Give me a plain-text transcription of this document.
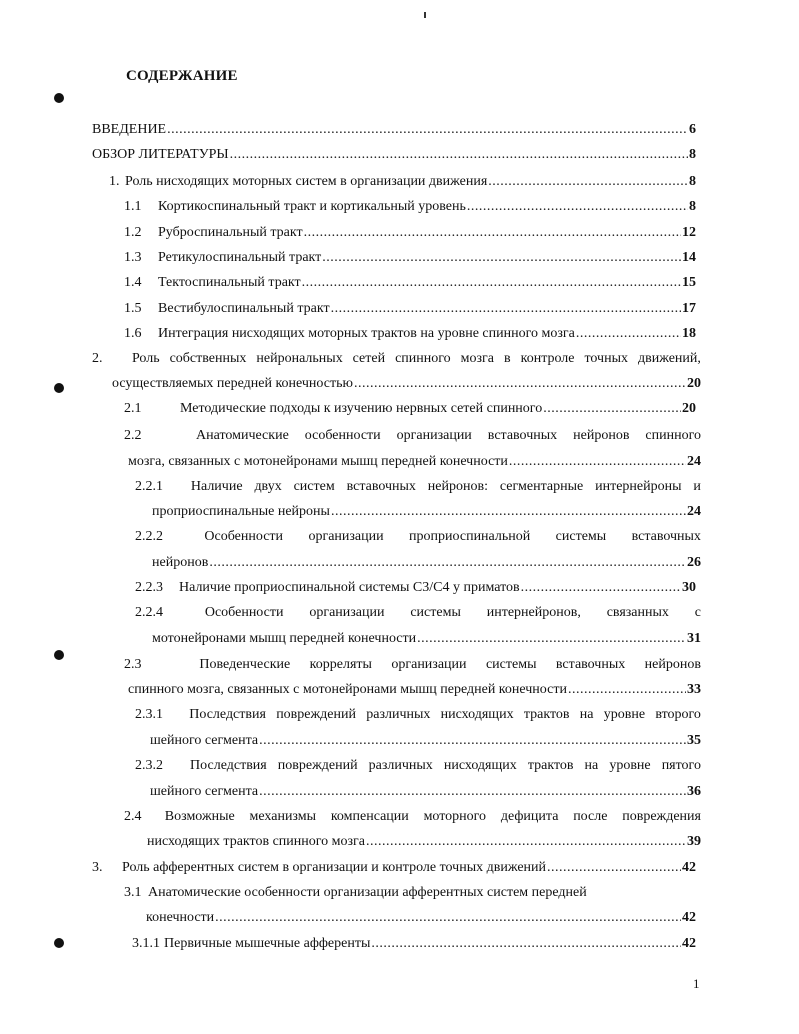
СОДЕРЖАНИЕ
ВВЕДЕНИЕ .....	6
ОБЗОР ЛИТЕРАТУРЫ .....	8
1. Роль нисходящих моторных систем в организации движения .....	8
1.1	Кортикоспинальный тракт и кортикальный уровень .....	8
1.2	Руброспинальный тракт .....	12
1.3	Ретикулоспинальный тракт .....	14
1.4	Тектоспинальный тракт .....	15
1.5	Вестибулоспинальный тракт .....	17
1.6	Интеграция нисходящих моторных трактов на уровне спинного мозга .....	18
2.	Роль собственных нейрональных сетей спинного мозга в контроле точных движений,
осуществляемых передней конечностью .....	20
2.1	Методические подходы к изучению нервных сетей спинного .....	20
2.2	Анатомические особенности организации вставочных нейронов спинного
мозга, связанных с мотонейронами мышц передней конечности .....	24
2.2.1	Наличие двух систем вставочных нейронов: сегментарные интернейроны и
проприоспинальные нейроны .....	24
2.2.2	Особенности организации проприоспинальной системы вставочных
нейронов .....	26
2.2.3	Наличие проприоспинальной системы C3/C4 у приматов .....	30
2.2.4	Особенности организации системы интернейронов, связанных с
мотонейронами мышц передней конечности .....	31
2.3	Поведенческие корреляты организации системы вставочных нейронов
спинного мозга, связанных с мотонейронами мышц передней конечности .....	33
2.3.1	Последствия повреждений различных нисходящих трактов на уровне второго
шейного сегмента .....	35
2.3.2	Последствия повреждений различных нисходящих трактов на уровне пятого
шейного сегмента .....	36
2.4	Возможные механизмы компенсации моторного дефицита после повреждения
нисходящих трактов спинного мозга .....	39
3.	Роль афферентных систем в организации и контроле точных движений .....	42
3.1 Анатомические особенности организации афферентных систем передней
конечности .....	42
3.1.1 Первичные мышечные афференты .....	42
1
